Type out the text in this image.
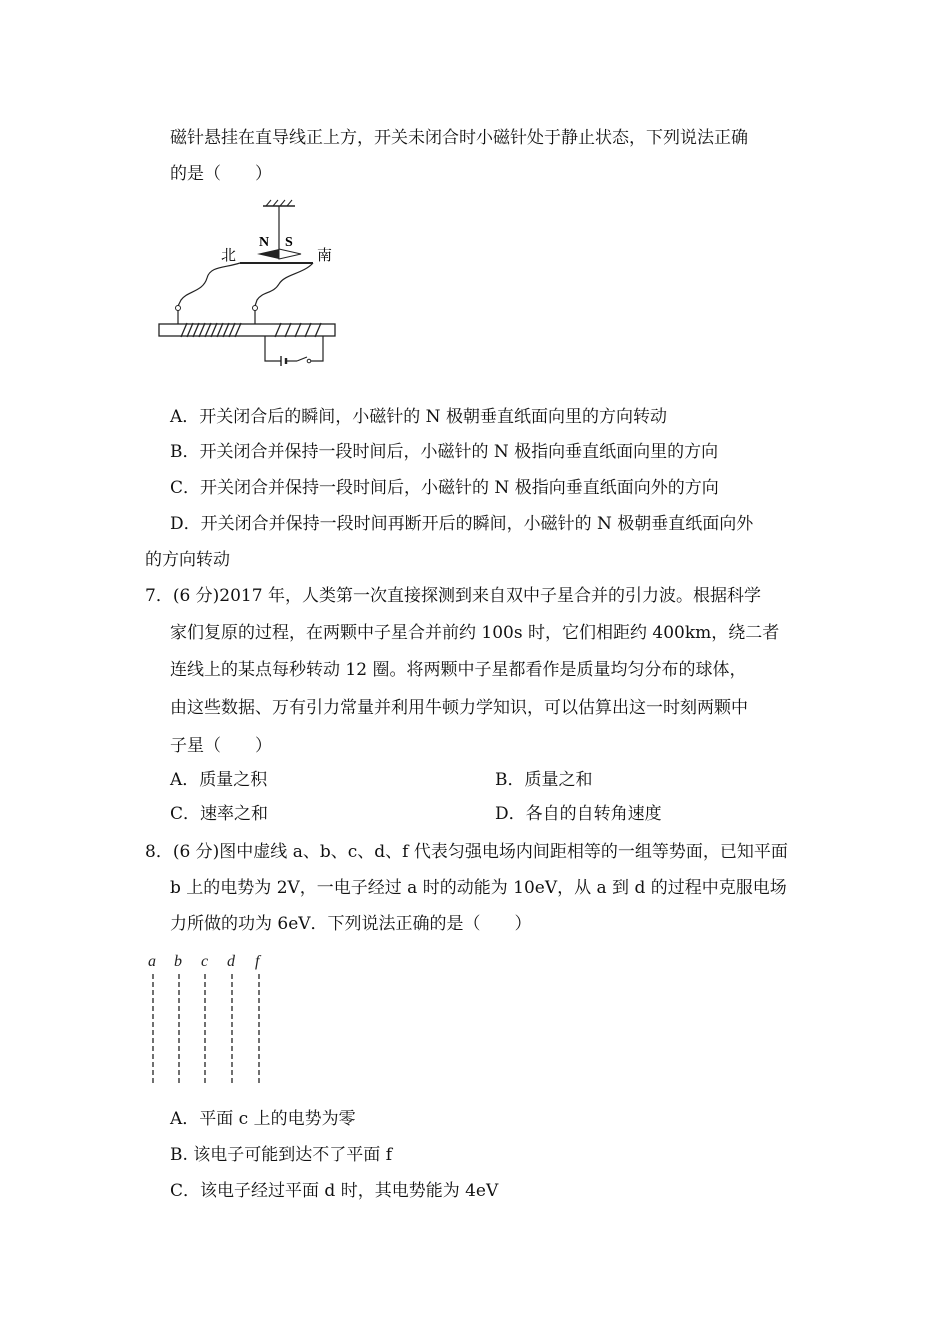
磁针悬挂在直导线正上方，开关未闭合时小磁针处于静止状态，下列说法正确
的是（　　）
N S
北	南
A．开关闭合后的瞬间，小磁针的 N 极朝垂直纸面向里的方向转动
B．开关闭合并保持一段时间后，小磁针的 N 极指向垂直纸面向里的方向
C．开关闭合并保持一段时间后，小磁针的 N 极指向垂直纸面向外的方向
D．开关闭合并保持一段时间再断开后的瞬间，小磁针的 N 极朝垂直纸面向外
的方向转动
7．(6 分)2017 年，人类第一次直接探测到来自双中子星合并的引力波。根据科学
家们复原的过程，在两颗中子星合并前约 100s 时，它们相距约 400km，绕二者
连线上的某点每秒转动 12 圈。将两颗中子星都看作是质量均匀分布的球体，
由这些数据、万有引力常量并利用牛顿力学知识，可以估算出这一时刻两颗中
子星（　　）
A．质量之积	B．质量之和
C．速率之和	D．各自的自转角速度
8．(6 分)图中虚线 a、b、c、d、f 代表匀强电场内间距相等的一组等势面，已知平面
b 上的电势为 2V，一电子经过 a 时的动能为 10eV，从 a 到 d 的过程中克服电场
力所做的功为 6eV．下列说法正确的是（　　）
a b c d f
A．平面 c 上的电势为零
B. 该电子可能到达不了平面 f
C．该电子经过平面 d 时，其电势能为 4eV
